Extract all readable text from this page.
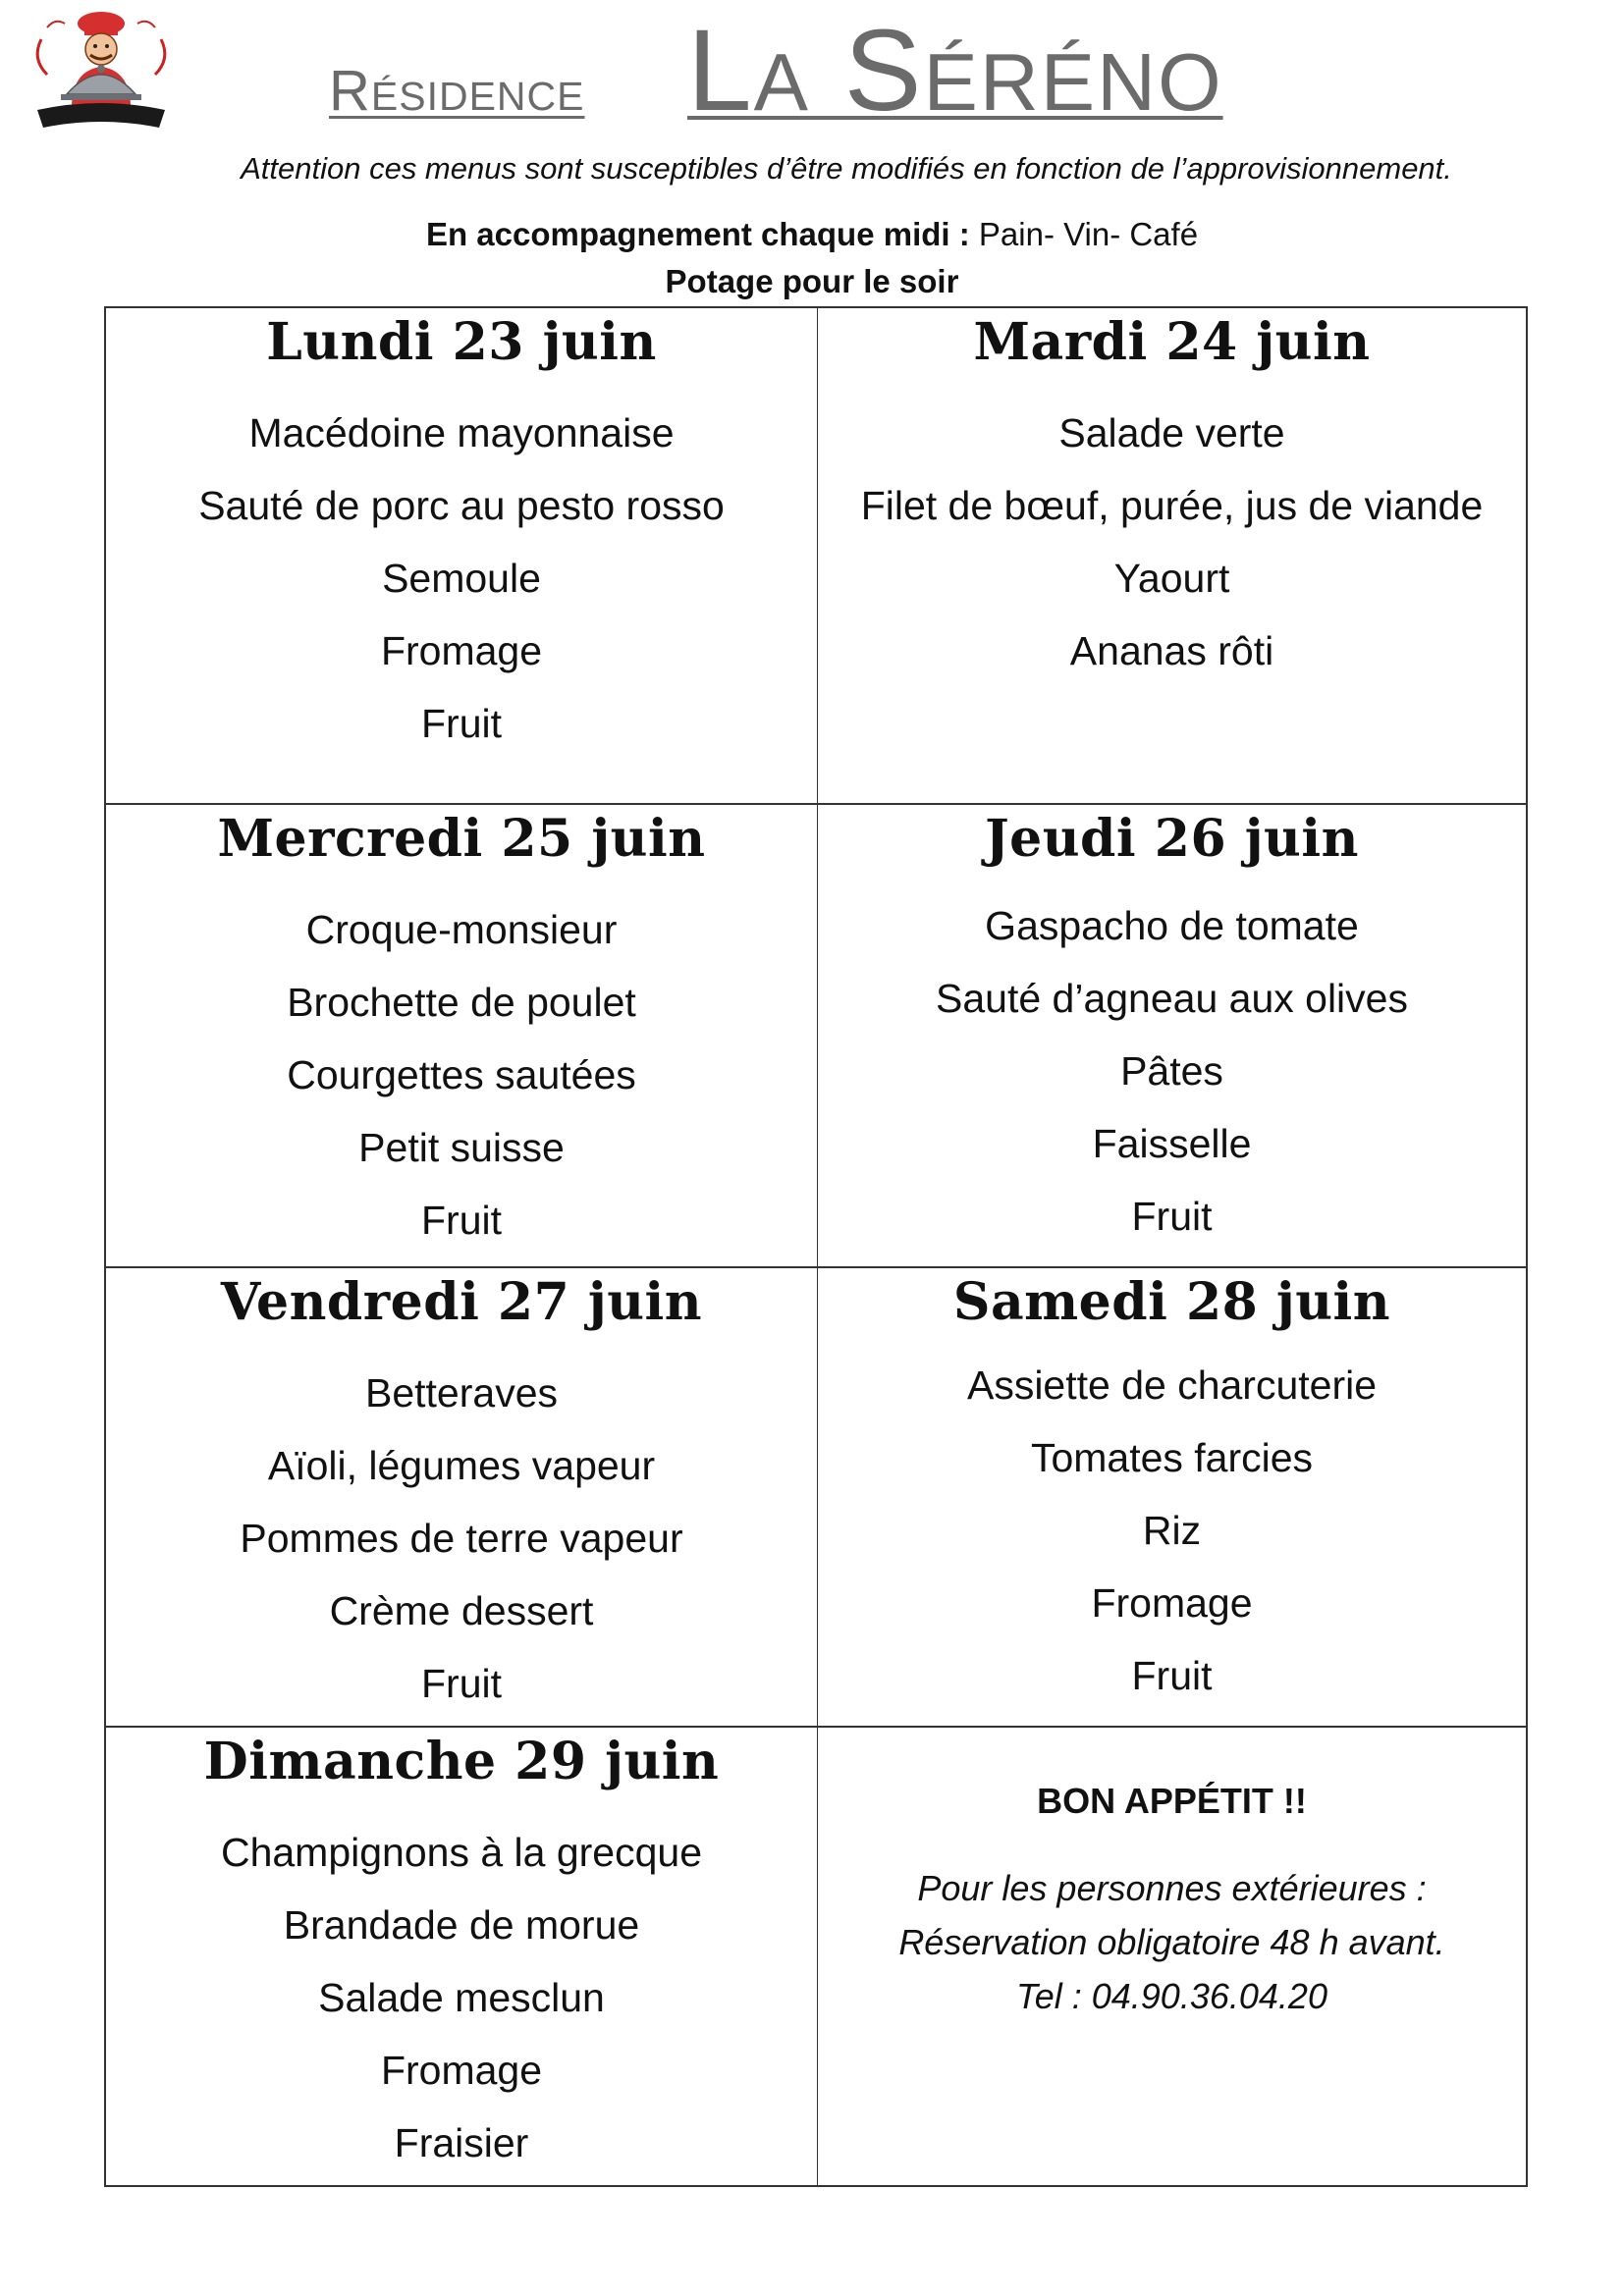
Menu
Résidence La Séréno
Attention ces menus sont susceptibles d’être modifiés en fonction de l’approvisionnement.
En accompagnement chaque midi : Pain- Vin- Café
Potage pour le soir
Lundi 23 juin
Macédoine mayonnaise
Sauté de porc au pesto rosso
Semoule
Fromage
Fruit
Mardi 24 juin
Salade verte
Filet de bœuf, purée, jus de viande
Yaourt
Ananas rôti
Mercredi 25 juin
Croque-monsieur
Brochette de poulet
Courgettes sautées
Petit suisse
Fruit
Jeudi 26 juin
Gaspacho de tomate
Sauté d’agneau aux olives
Pâtes
Faisselle
Fruit
Vendredi 27 juin
Betteraves
Aïoli, légumes vapeur
Pommes de terre vapeur
Crème dessert
Fruit
Samedi 28 juin
Assiette de charcuterie
Tomates farcies
Riz
Fromage
Fruit
Dimanche 29 juin
Champignons à la grecque
Brandade de morue
Salade mesclun
Fromage
Fraisier
BON APPÉTIT !!
Pour les personnes extérieures :
Réservation obligatoire 48 h avant.
Tel : 04.90.36.04.20
